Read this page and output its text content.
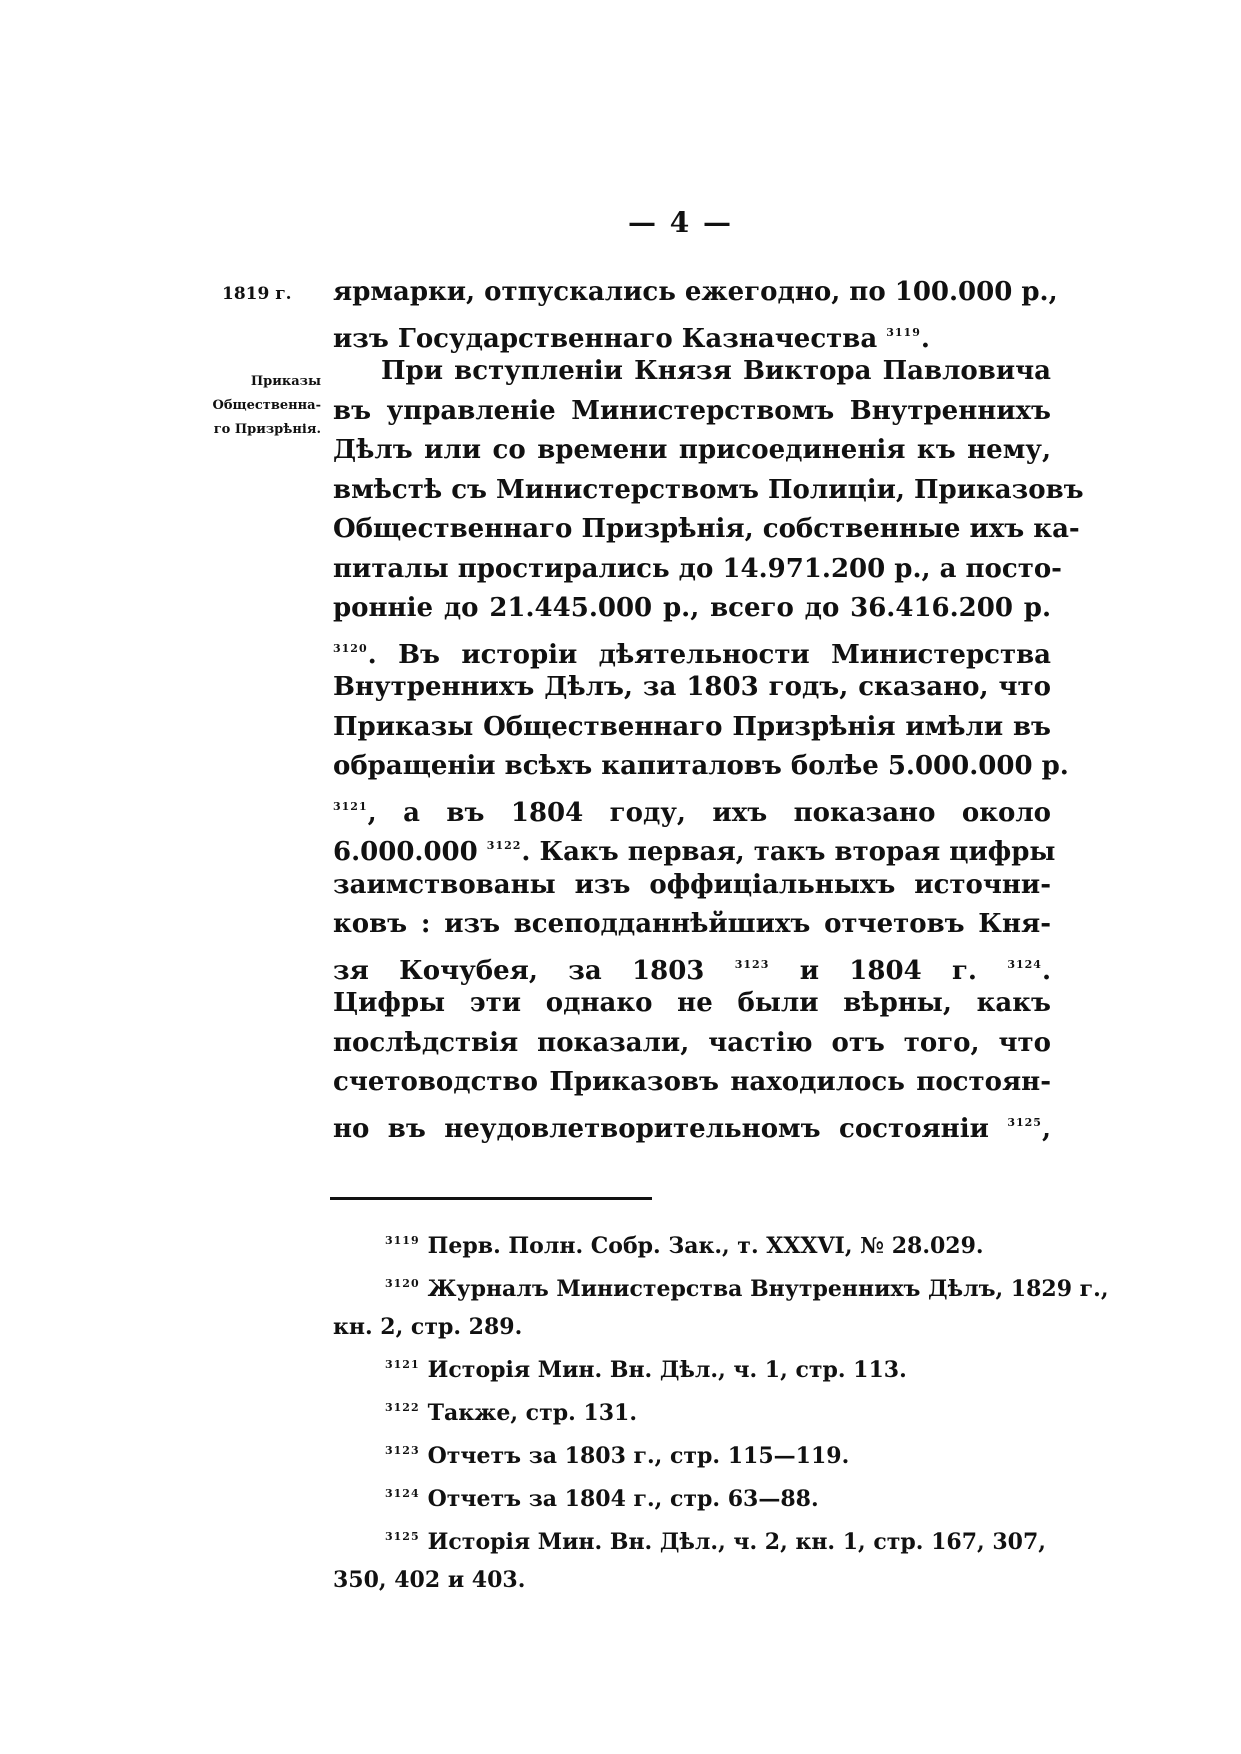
— 4 —
1819 г.
Приказы
Общественна-
го Призрѣнія.
ярмарки, отпускались ежегодно, по 100.000 р.,
изъ Государственнаго Казначества $^{3119}$.
При вступленіи Князя Виктора Павловича
въ управленіе Министерствомъ Внутреннихъ
Дѣлъ или со времени присоединенія къ нему,
вмѣстѣ съ Министерствомъ Полиціи, Приказовъ
Общественнаго Призрѣнія, собственные ихъ ка-
питалы простирались до 14.971.200 р., а посто-
ронніе до 21.445.000 р., всего до 36.416.200 р.
$^{3120}$. Въ исторіи дѣятельности Министерства
Внутреннихъ Дѣлъ, за 1803 годъ, сказано, что
Приказы Общественнаго Призрѣнія имѣли въ
обращеніи всѣхъ капиталовъ болѣе 5.000.000 р.
$^{3121}$, а въ 1804 году, ихъ показано около
6.000.000 $^{3122}$. Какъ первая, такъ вторая цифры
заимствованы изъ оффиціальныхъ источни-
ковъ : изъ всеподданнѣйшихъ отчетовъ Кня-
зя Кочубея, за 1803 $^{3123}$ и 1804 г. $^{3124}$.
Цифры эти однако не были вѣрны, какъ
послѣдствія показали, частію отъ того, что
счетоводство Приказовъ находилось постоян-
но въ неудовлетворительномъ состояніи $^{3125}$,
$^{3119}$ Перв. Полн. Собр. Зак., т. XXXVI, № 28.029.
$^{3120}$ Журналъ Министерства Внутреннихъ Дѣлъ, 1829 г.,
кн. 2, стр. 289.
$^{3121}$ Исторія Мин. Вн. Дѣл., ч. 1, стр. 113.
$^{3122}$ Также, стр. 131.
$^{3123}$ Отчетъ за 1803 г., стр. 115—119.
$^{3124}$ Отчетъ за 1804 г., стр. 63—88.
$^{3125}$ Исторія Мин. Вн. Дѣл., ч. 2, кн. 1, стр. 167, 307,
350, 402 и 403.
